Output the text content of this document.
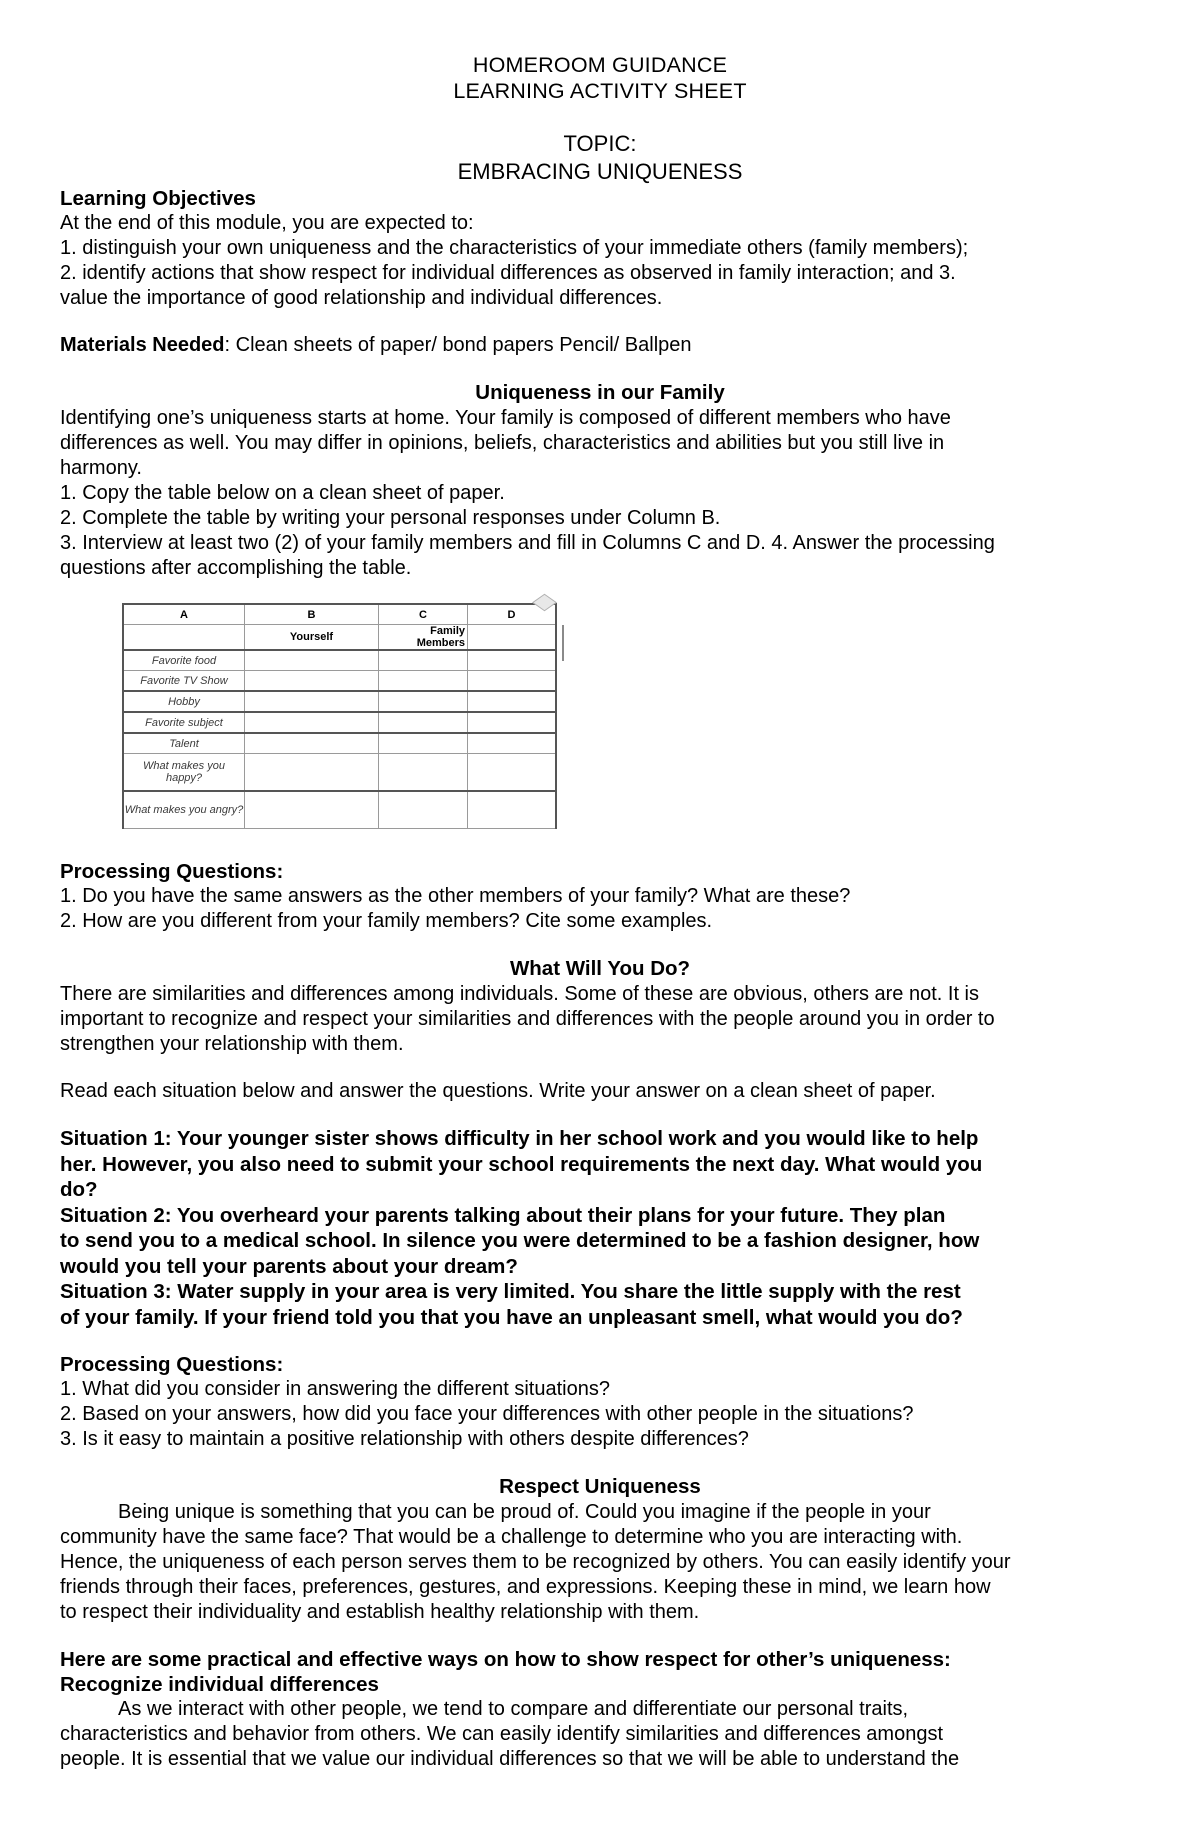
HOMEROOM GUIDANCE
LEARNING ACTIVITY SHEET
TOPIC:
EMBRACING UNIQUENESS
Learning Objectives
At the end of this module, you are expected to:
1. distinguish your own uniqueness and the characteristics of your immediate others (family members);
2. identify actions that show respect for individual differences as observed in family interaction; and 3.
value the importance of good relationship and individual differences.
Materials Needed: Clean sheets of paper/ bond papers Pencil/ Ballpen
Uniqueness in our Family
Identifying one’s uniqueness starts at home. Your family is composed of different members who have
differences as well. You may differ in opinions, beliefs, characteristics and abilities but you still live in
harmony.
1. Copy the table below on a clean sheet of paper.
2. Complete the table by writing your personal responses under Column B.
3. Interview at least two (2) of your family members and fill in Columns C and D. 4. Answer the processing
questions after accomplishing the table.
A	B	C	D
	Yourself	Family Members	
Favorite food			
Favorite TV Show			
Hobby			
Favorite subject			
Talent			
What makes you happy?			
What makes you angry?			
Processing Questions:
1. Do you have the same answers as the other members of your family? What are these?
2. How are you different from your family members? Cite some examples.
What Will You Do?
There are similarities and differences among individuals. Some of these are obvious, others are not. It is
important to recognize and respect your similarities and differences with the people around you in order to
strengthen your relationship with them.
Read each situation below and answer the questions. Write your answer on a clean sheet of paper.
Situation 1: Your younger sister shows difficulty in her school work and you would like to help
her. However, you also need to submit your school requirements the next day. What would you
do?
Situation 2: You overheard your parents talking about their plans for your future. They plan
to send you to a medical school. In silence you were determined to be a fashion designer, how
would you tell your parents about your dream?
Situation 3: Water supply in your area is very limited. You share the little supply with the rest
of your family. If your friend told you that you have an unpleasant smell, what would you do?
Processing Questions:
1. What did you consider in answering the different situations?
2. Based on your answers, how did you face your differences with other people in the situations?
3. Is it easy to maintain a positive relationship with others despite differences?
Respect Uniqueness
Being unique is something that you can be proud of. Could you imagine if the people in your
community have the same face? That would be a challenge to determine who you are interacting with.
Hence, the uniqueness of each person serves them to be recognized by others. You can easily identify your
friends through their faces, preferences, gestures, and expressions. Keeping these in mind, we learn how
to respect their individuality and establish healthy relationship with them.
Here are some practical and effective ways on how to show respect for other’s uniqueness:
Recognize individual differences
As we interact with other people, we tend to compare and differentiate our personal traits,
characteristics and behavior from others. We can easily identify similarities and differences amongst
people. It is essential that we value our individual differences so that we will be able to understand the
